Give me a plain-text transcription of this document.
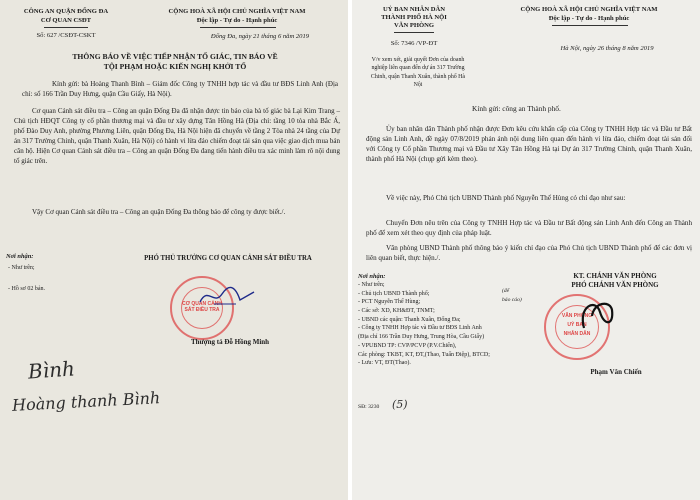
CÔNG AN QUẬN ĐỐNG ĐA
CƠ QUAN CSĐT
Số: 627 /CSĐT-CSKT
CỘNG HOÀ XÃ HỘI CHỦ NGHĨA VIỆT NAM
Độc lập - Tự do - Hạnh phúc
Đống Đa, ngày 21 tháng 6 năm 2019
THÔNG BÁO VỀ VIỆC TIẾP NHẬN TỐ GIÁC, TIN BÁO VỀ
TỘI PHẠM HOẶC KIẾN NGHỊ KHỞI TỐ
Kính gửi: bà Hoàng Thanh Bình – Giám đốc Công ty TNHH hợp tác và đầu tư BĐS Linh Anh (Địa chỉ: số 166 Trần Duy Hưng, quận Cầu Giấy, Hà Nội).
Cơ quan Cảnh sát điều tra – Công an quận Đống Đa đã nhận được tin báo của bà tố giác bà Lại Kim Trang – Chủ tịch HĐQT Công ty cổ phần thương mại và đầu tư xây dựng Tân Hồng Hà (Địa chỉ: tầng 10 tòa nhà Bắc Á, phố Đào Duy Anh, phường Phương Liên, quận Đống Đa, Hà Nội hiện đã chuyển về tầng 2 Tòa nhà 24 tầng của Dự án 317 Trường Chinh, quận Thanh Xuân, Hà Nội) có hành vi lừa đảo chiếm đoạt tài sản qua việc giao dịch mua bán căn hộ. Hiện Cơ quan Cảnh sát điều tra – Công an quận Đống Đa đang tiến hành điều tra xác minh làm rõ nội dung tố giác trên.
Vậy Cơ quan Cảnh sát điều tra – Công an quận Đống Đa thông báo để công ty được biết./.
Nơi nhận:
- Như trên;
- Hồ sơ 02 bản.
PHÓ THỦ TRƯỞNG CƠ QUAN CẢNH SÁT ĐIỀU TRA
CƠ QUAN CẢNH SÁT ĐIỀU TRA
Thượng tá Đỗ Hồng Minh
Bình
Hoàng thanh Bình
UỶ BAN NHÂN DÂN
THÀNH PHỐ HÀ NỘI
VĂN PHÒNG
Số: 7346 /VP-ĐT
V/v xem xét, giải quyết Đơn của doanh nghiệp liên quan đến dự án 317 Trường Chinh, quận Thanh Xuân, thành phố Hà Nội
CỘNG HOÀ XÃ HỘI CHỦ NGHĨA VIỆT NAM
Độc lập - Tự do - Hạnh phúc
Hà Nội, ngày 26 tháng 8 năm 2019
Kính gửi: công an Thành phố.
Ủy ban nhân dân Thành phố nhận được Đơn kêu cứu khẩn cấp của Công ty TNHH Hợp tác và Đầu tư Bất động sản Linh Anh, đề ngày 07/8/2019 phản ánh nội dung liên quan đến hành vi lừa đảo, chiếm đoạt tài sản đối với Công ty Cổ phần Thương mại và Đầu tư Xây Tân Hồng Hà tại Dự án 317 Trường Chinh, quận Thanh Xuân, thành phố Hà Nội (chụp gửi kèm theo).
Về việc này, Phó Chủ tịch UBND Thành phố Nguyễn Thế Hùng có chỉ đạo như sau:
Chuyển Đơn nêu trên của Công ty TNHH Hợp tác và Đầu tư Bất động sản Linh Anh đến Công an Thành phố để xem xét theo quy định của pháp luật.
Văn phòng UBND Thành phố thông báo ý kiến chỉ đạo của Phó Chủ tịch UBND Thành phố để các đơn vị liên quan biết, thực hiện./.
Nơi nhận:
- Như trên;
- Chủ tịch UBND Thành phố;
- PCT Nguyễn Thế Hùng;
- Các sở: XD, KH&ĐT, TNMT;
- UBND các quận: Thanh Xuân, Đống Đa;
- Công ty TNHH Hợp tác và Đầu tư BĐS Linh Anh
(Địa chỉ 166 Trần Duy Hưng, Trung Hòa, Cầu Giấy)
- VPUBND TP: CVP/PCVP (P.V.Chiến),
Các phòng: TKBT, KT, ĐT,(Thao, Tuấn Điệp), BTCD;
- Lưu: VT, ĐT(Thao).
(để
báo cáo)
SĐ: 3230	(5)
KT. CHÁNH VĂN PHÒNG
PHÓ CHÁNH VĂN PHÒNG
VĂN PHÒNG
UỶ BAN
NHÂN DÂN
Phạm Văn Chiến
